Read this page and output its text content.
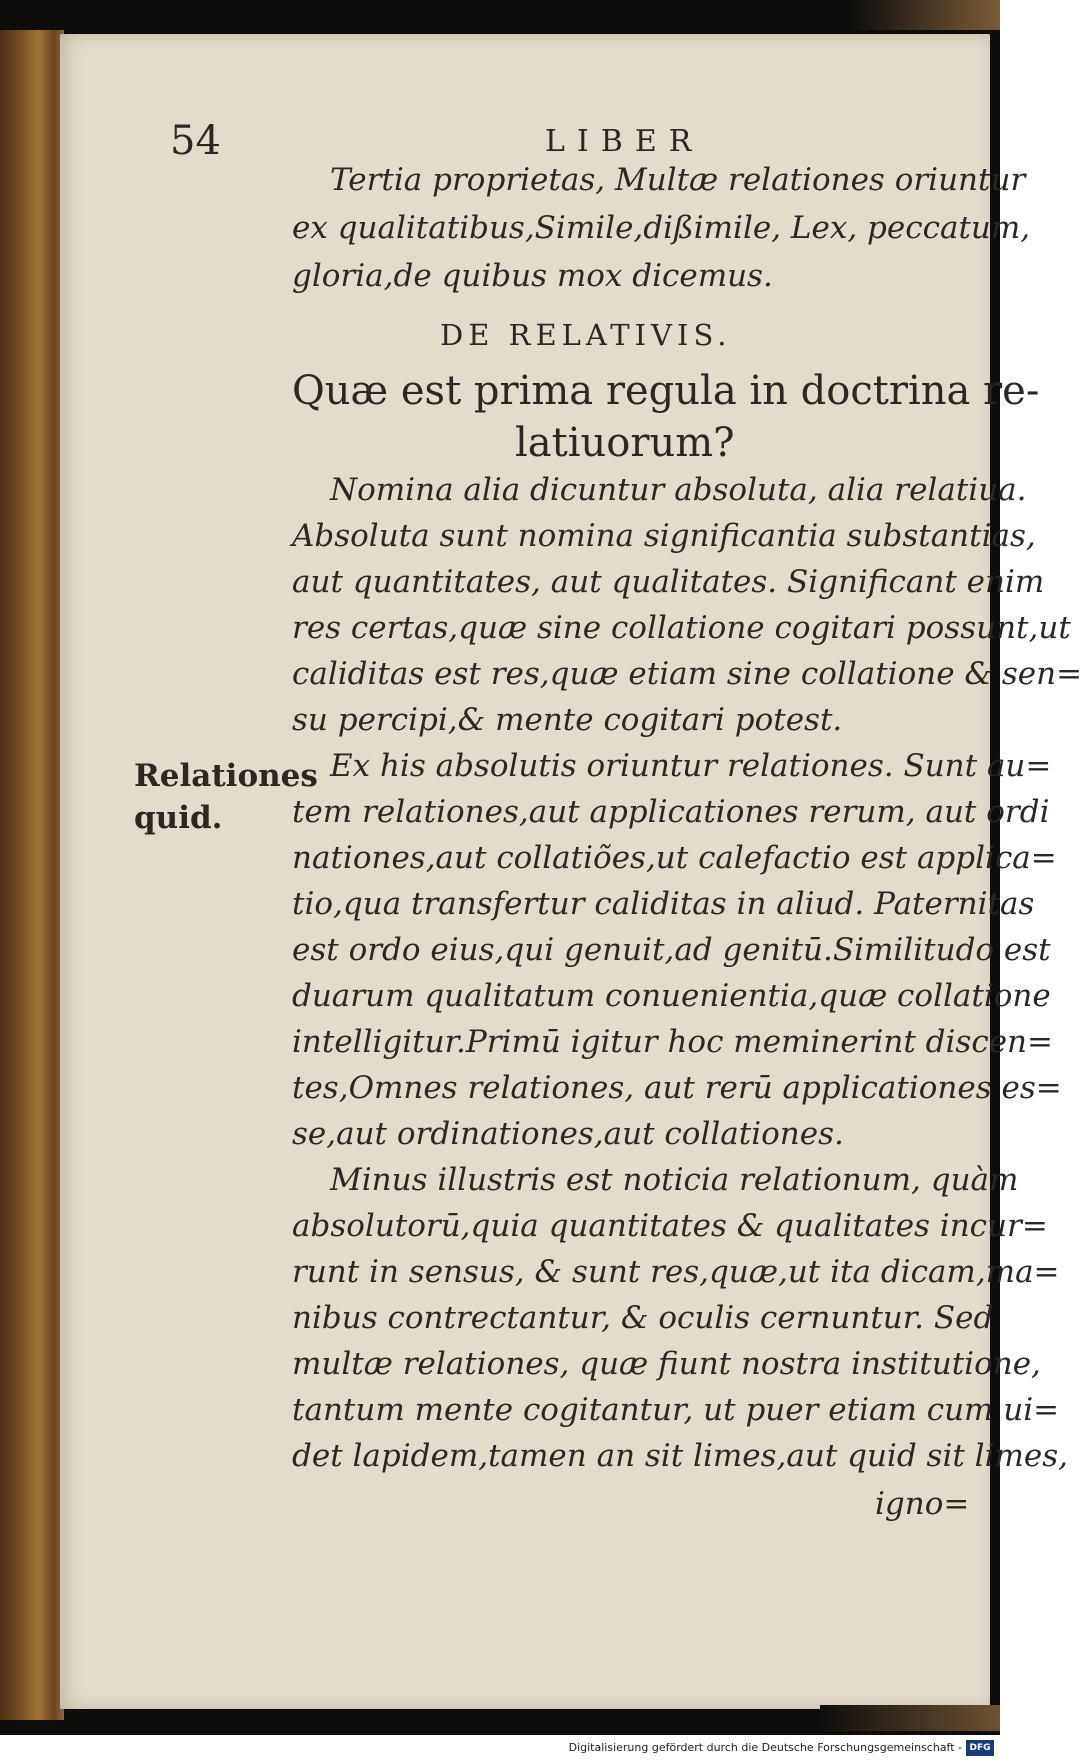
54	LIBER
Tertia proprietas, Multæ relationes oriuntur
ex qualitatibus,Simile,dißimile, Lex, peccatum,
gloria,de quibus mox dicemus.
DE RELATIVIS.
Quæ est prima regula in doctrina re-
latiuorum?
Nomina alia dicuntur absoluta, alia relatiua.
Absoluta sunt nomina significantia substantias,
aut quantitates, aut qualitates. Significant enim
res certas,quæ sine collatione cogitari possunt,ut
caliditas est res,quæ etiam sine collatione & sen=
su percipi,& mente cogitari potest.
Ex his absolutis oriuntur relationes. Sunt au=
tem relationes,aut applicationes rerum, aut ordi
nationes,aut collatiões,ut calefactio est applica=
tio,qua transfertur caliditas in aliud. Paternitas
est ordo eius,qui genuit,ad genitū.Similitudo est
duarum qualitatum conuenientia,quæ collatione
intelligitur.Primū igitur hoc meminerint discen=
tes,Omnes relationes, aut rerū applicationes es=
se,aut ordinationes,aut collationes.
Minus illustris est noticia relationum, quàm
absolutorū,quia quantitates & qualitates incur=
runt in sensus, & sunt res,quæ,ut ita dicam,ma=
nibus contrectantur, & oculis cernuntur. Sed
multæ relationes, quæ fiunt nostra institutione,
tantum mente cogitantur, ut puer etiam cum ui=
det lapidem,tamen an sit limes,aut quid sit limes,
igno=
Relationes
quid.
Digitalisierung gefördert durch die Deutsche Forschungsgemeinschaft - DFG
